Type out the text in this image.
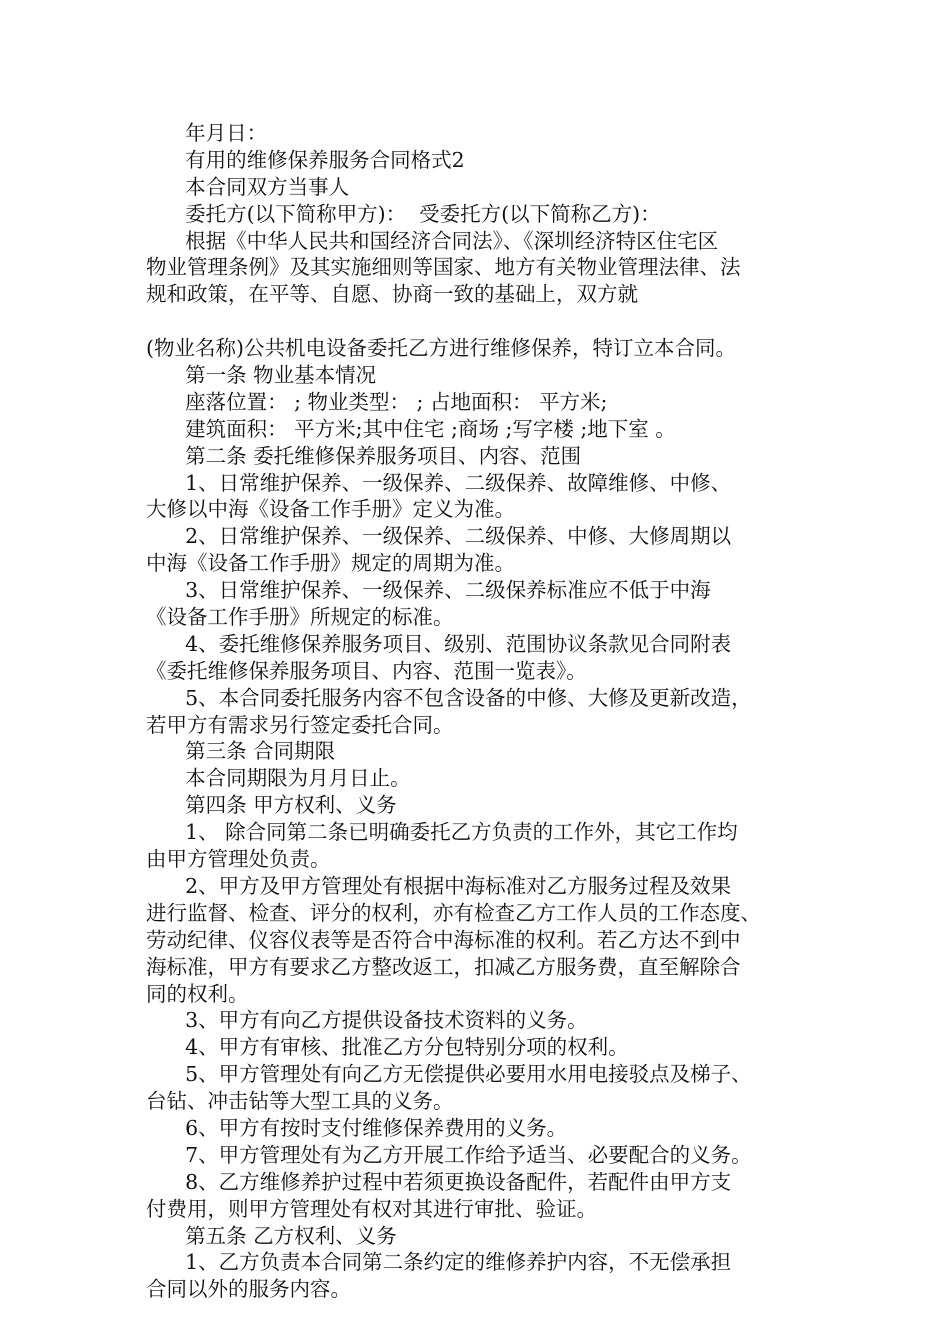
年月日：
有用的维修保养服务合同格式2
本合同双方当事人
委托方(以下简称甲方)：  受委托方(以下简称乙方)：
根据《中华人民共和国经济合同法》、《深圳经济特区住宅区
物业管理条例》及其实施细则等国家、地方有关物业管理法律、法
规和政策，在平等、自愿、协商一致的基础上，双方就
(物业名称)公共机电设备委托乙方进行维修保养，特订立本合同。
第一条 物业基本情况
座落位置： ; 物业类型： ; 占地面积： 平方米;
建筑面积： 平方米;其中住宅 ;商场 ;写字楼 ;地下室 。
第二条 委托维修保养服务项目、内容、范围
1、日常维护保养、一级保养、二级保养、故障维修、中修、
大修以中海《设备工作手册》定义为准。
2、日常维护保养、一级保养、二级保养、中修、大修周期以
中海《设备工作手册》规定的周期为准。
3、日常维护保养、一级保养、二级保养标准应不低于中海
《设备工作手册》所规定的标准。
4、委托维修保养服务项目、级别、范围协议条款见合同附表
《委托维修保养服务项目、内容、范围一览表》。
5、本合同委托服务内容不包含设备的中修、大修及更新改造，
若甲方有需求另行签定委托合同。
第三条 合同期限
本合同期限为月月日止。
第四条 甲方权利、义务
1、 除合同第二条已明确委托乙方负责的工作外，其它工作均
由甲方管理处负责。
2、甲方及甲方管理处有根据中海标准对乙方服务过程及效果
进行监督、检查、评分的权利，亦有检查乙方工作人员的工作态度、
劳动纪律、仪容仪表等是否符合中海标准的权利。若乙方达不到中
海标准，甲方有要求乙方整改返工，扣减乙方服务费，直至解除合
同的权利。
3、甲方有向乙方提供设备技术资料的义务。
4、甲方有审核、批准乙方分包特别分项的权利。
5、甲方管理处有向乙方无偿提供必要用水用电接驳点及梯子、
台钻、冲击钻等大型工具的义务。
6、甲方有按时支付维修保养费用的义务。
7、甲方管理处有为乙方开展工作给予适当、必要配合的义务。
8、乙方维修养护过程中若须更换设备配件，若配件由甲方支
付费用，则甲方管理处有权对其进行审批、验证。
第五条 乙方权利、义务
1、乙方负责本合同第二条约定的维修养护内容，不无偿承担
合同以外的服务内容。
